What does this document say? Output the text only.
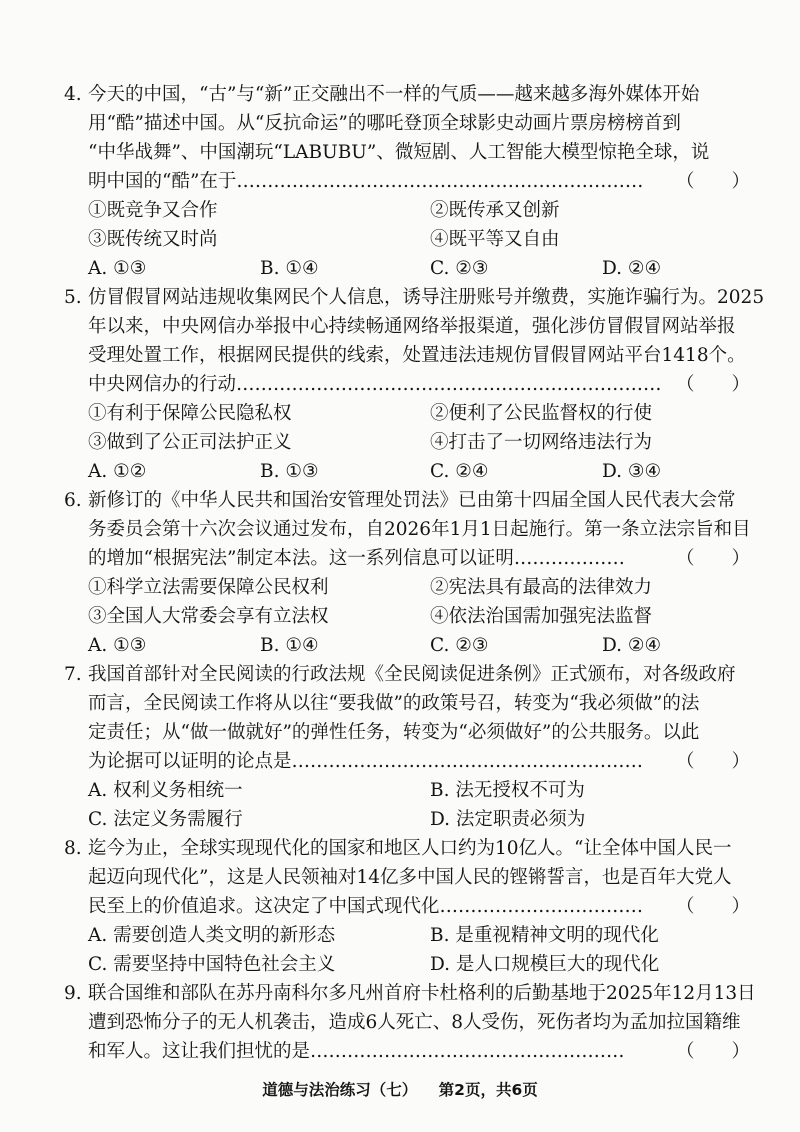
4. 今天的中国，“古”与“新”正交融出不一样的气质——越来越多海外媒体开始
用“酷”描述中国。从“反抗命运”的哪吒登顶全球影史动画片票房榜榜首到
“中华战舞”、中国潮玩“LABUBU”、微短剧、人工智能大模型惊艳全球，说
明中国的“酷”在于………………………………………………………… （　　）
①既竞争又合作	②既传承又创新
③既传统又时尚	④既平等又自由
A. ①③	B. ①④	C. ②③	D. ②④
5. 仿冒假冒网站违规收集网民个人信息，诱导注册账号并缴费，实施诈骗行为。2025
年以来，中央网信办举报中心持续畅通网络举报渠道，强化涉仿冒假冒网站举报
受理处置工作，根据网民提供的线索，处置违法违规仿冒假冒网站平台1418个。
中央网信办的行动…………………………………………………………… （　　）
①有利于保障公民隐私权	②便利了公民监督权的行使
③做到了公正司法护正义	④打击了一切网络违法行为
A. ①②	B. ①③	C. ②④	D. ③④
6. 新修订的《中华人民共和国治安管理处罚法》已由第十四届全国人民代表大会常
务委员会第十六次会议通过发布，自2026年1月1日起施行。第一条立法宗旨和目
的增加“根据宪法”制定本法。这一系列信息可以证明………………	（　　）
①科学立法需要保障公民权利	②宪法具有最高的法律效力
③全国人大常委会享有立法权	④依法治国需加强宪法监督
A. ①③	B. ①④	C. ②③	D. ②④
7. 我国首部针对全民阅读的行政法规《全民阅读促进条例》正式颁布，对各级政府
而言，全民阅读工作将从以往“要我做”的政策号召，转变为“我必须做”的法
定责任；从“做一做就好”的弹性任务，转变为“必须做好”的公共服务。以此
为论据可以证明的论点是………………………………………………… （　　）
A. 权利义务相统一	B. 法无授权不可为
C. 法定义务需履行	D. 法定职责必须为
8. 迄今为止，全球实现现代化的国家和地区人口约为10亿人。“让全体中国人民一
起迈向现代化”，这是人民领袖对14亿多中国人民的铿锵誓言，也是百年大党人
民至上的价值追求。这决定了中国式现代化…………………………… （　　）
A. 需要创造人类文明的新形态	B. 是重视精神文明的现代化
C. 需要坚持中国特色社会主义	D. 是人口规模巨大的现代化
9. 联合国维和部队在苏丹南科尔多凡州首府卡杜格利的后勤基地于2025年12月13日
遭到恐怖分子的无人机袭击，造成6人死亡、8人受伤，死伤者均为孟加拉国籍维
和军人。这让我们担忧的是……………………………………………	（　　）
道德与法治练习（七） 第2页，共6页
